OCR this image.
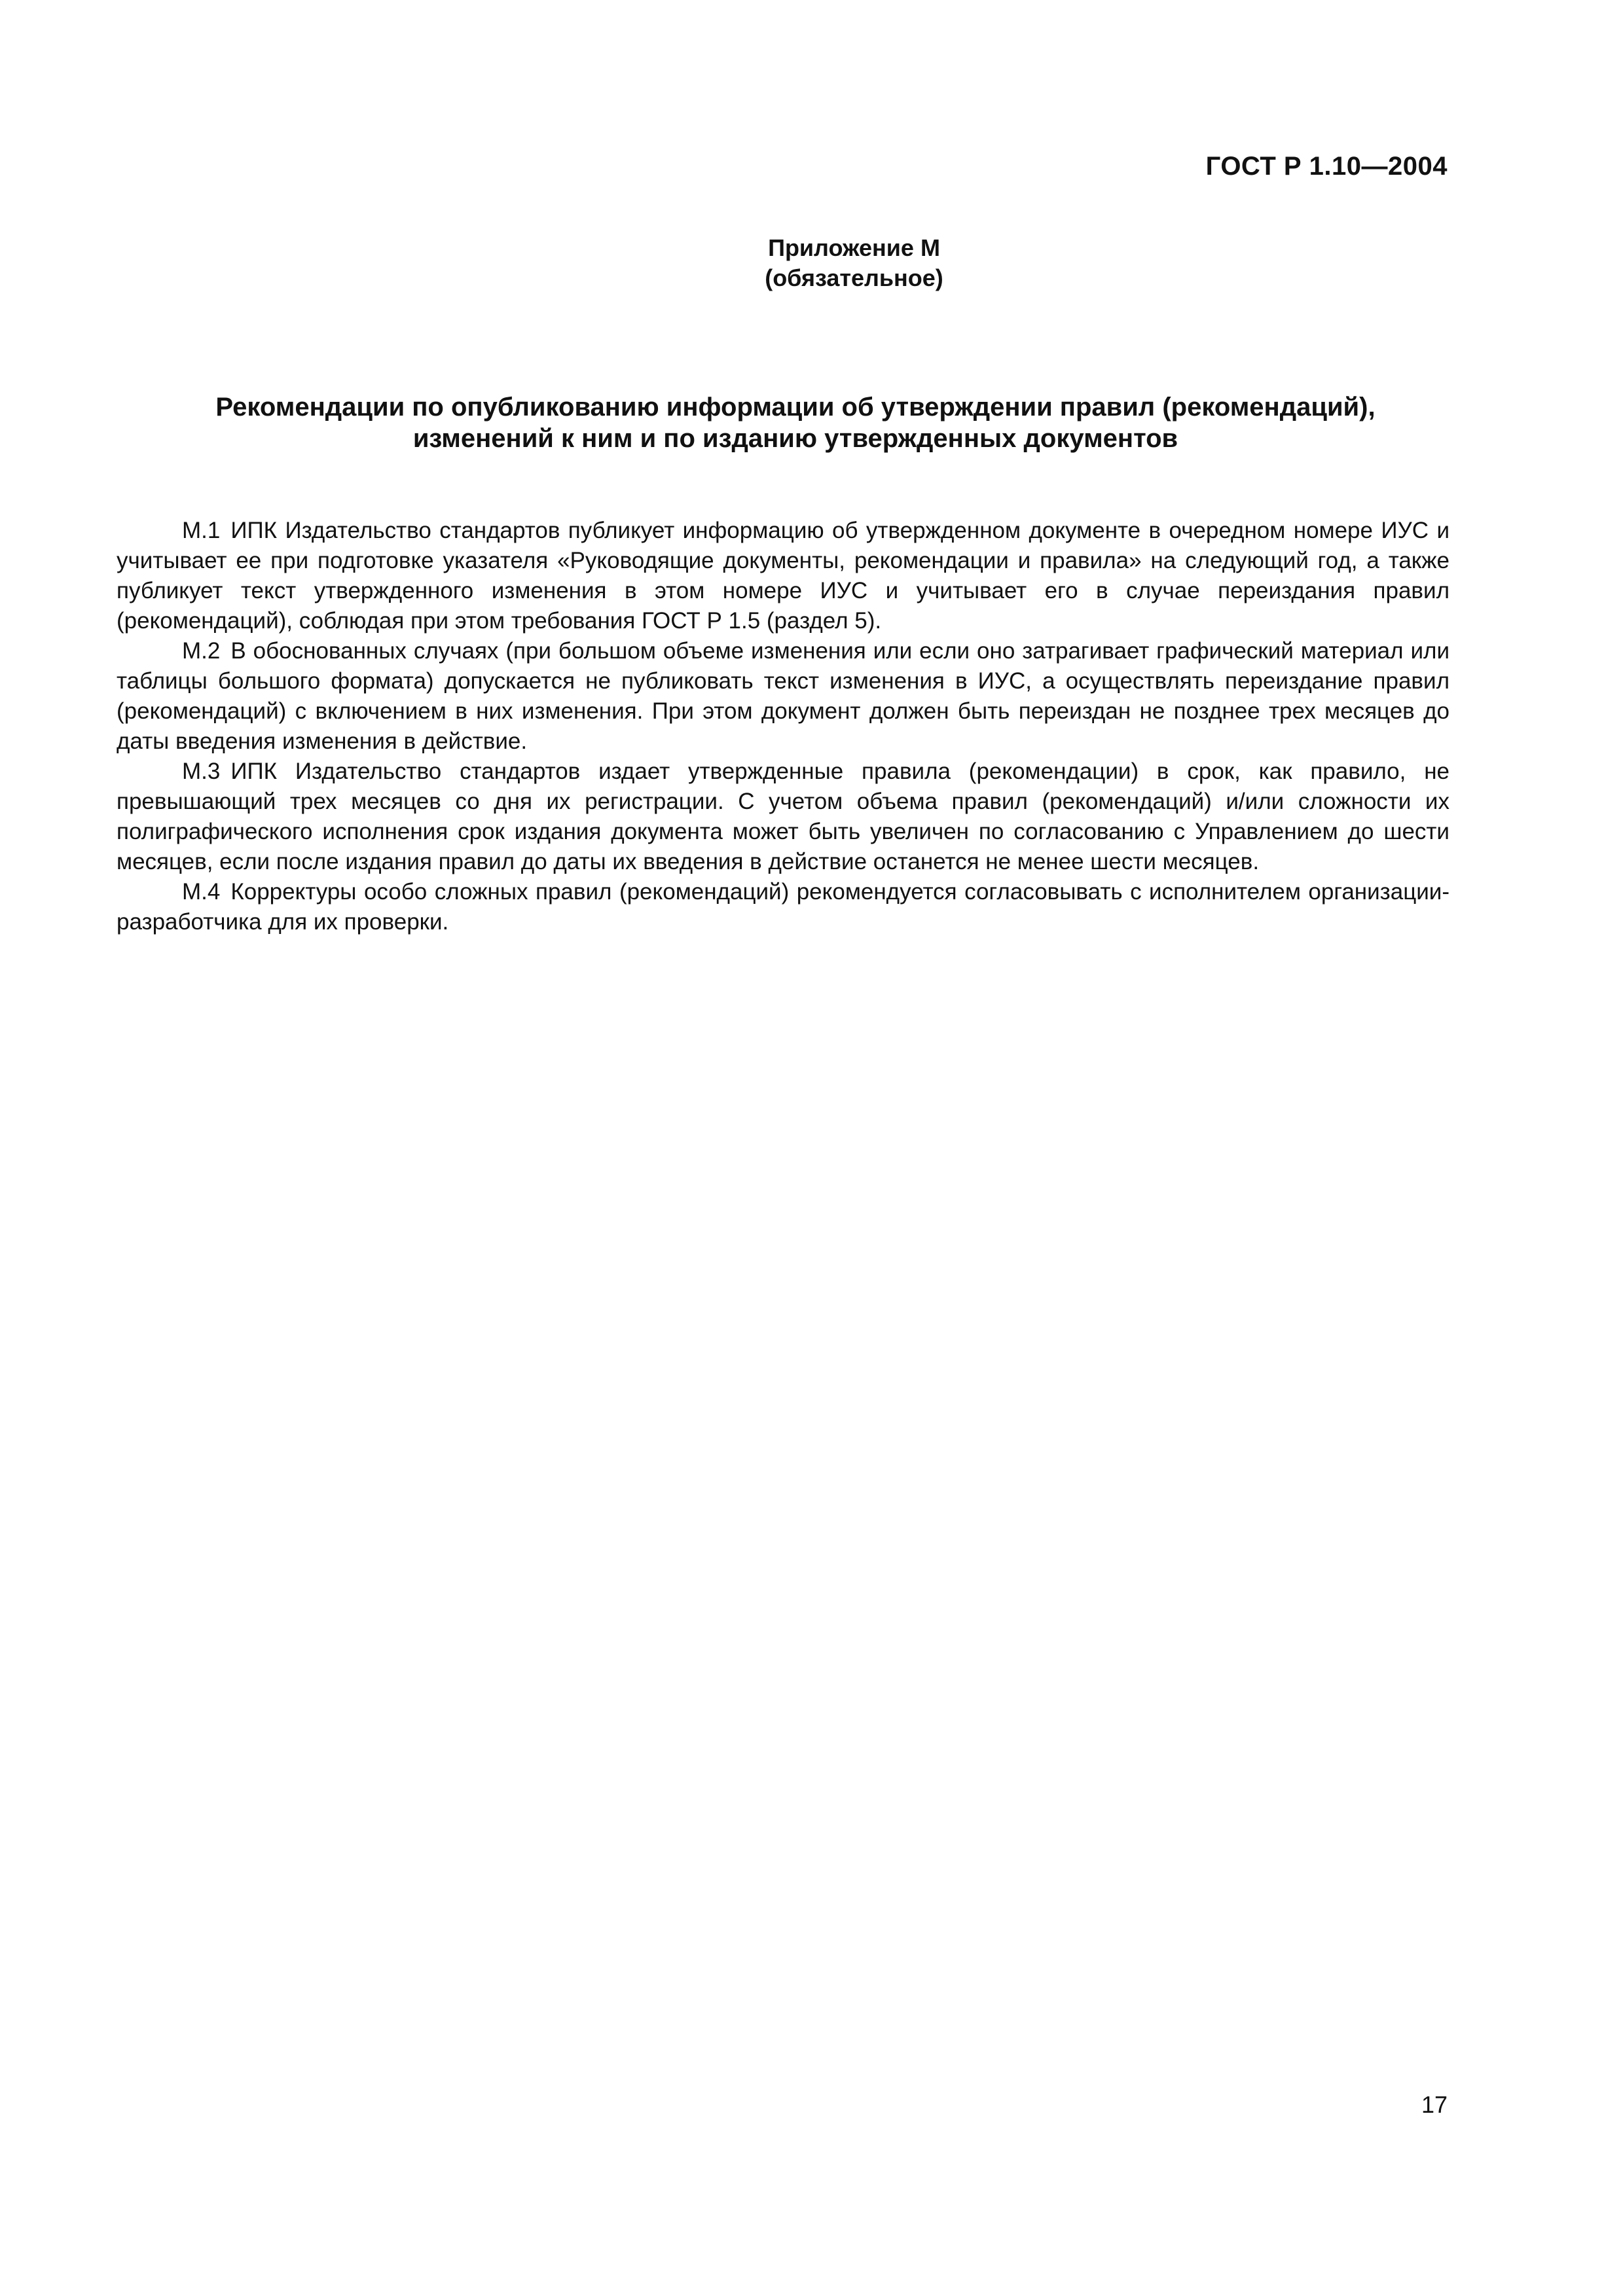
ГОСТ Р 1.10—2004
Приложение М
(обязательное)
Рекомендации по опубликованию информации об утверждении правил (рекомендаций),
изменений к ним и по изданию утвержденных документов

М.1 ИПК Издательство стандартов публикует информацию об утвержденном документе в очередном номере ИУС и учитывает ее при подготовке указателя «Руководящие документы, рекомендации и правила» на следующий год, а также публикует текст утвержденного изменения в этом номере ИУС и учитывает его в случае переиздания правил (рекомендаций), соблюдая при этом требования ГОСТ Р 1.5 (раздел 5).

М.2 В обоснованных случаях (при большом объеме изменения или если оно затрагивает графический материал или таблицы большого формата) допускается не публиковать текст изменения в ИУС, а осуществлять переиздание правил (рекомендаций) с включением в них изменения. При этом документ должен быть переиздан не позднее трех месяцев до даты введения изменения в действие.

М.3 ИПК Издательство стандартов издает утвержденные правила (рекомендации) в срок, как правило, не превышающий трех месяцев со дня их регистрации. С учетом объема правил (рекомендаций) и/или сложности их полиграфического исполнения срок издания документа может быть увеличен по согласованию с Управлением до шести месяцев, если после издания правил до даты их введения в действие останется не менее шести месяцев.

М.4 Корректуры особо сложных правил (рекомендаций) рекомендуется согласовывать с исполнителем организации-разработчика для их проверки.

17
